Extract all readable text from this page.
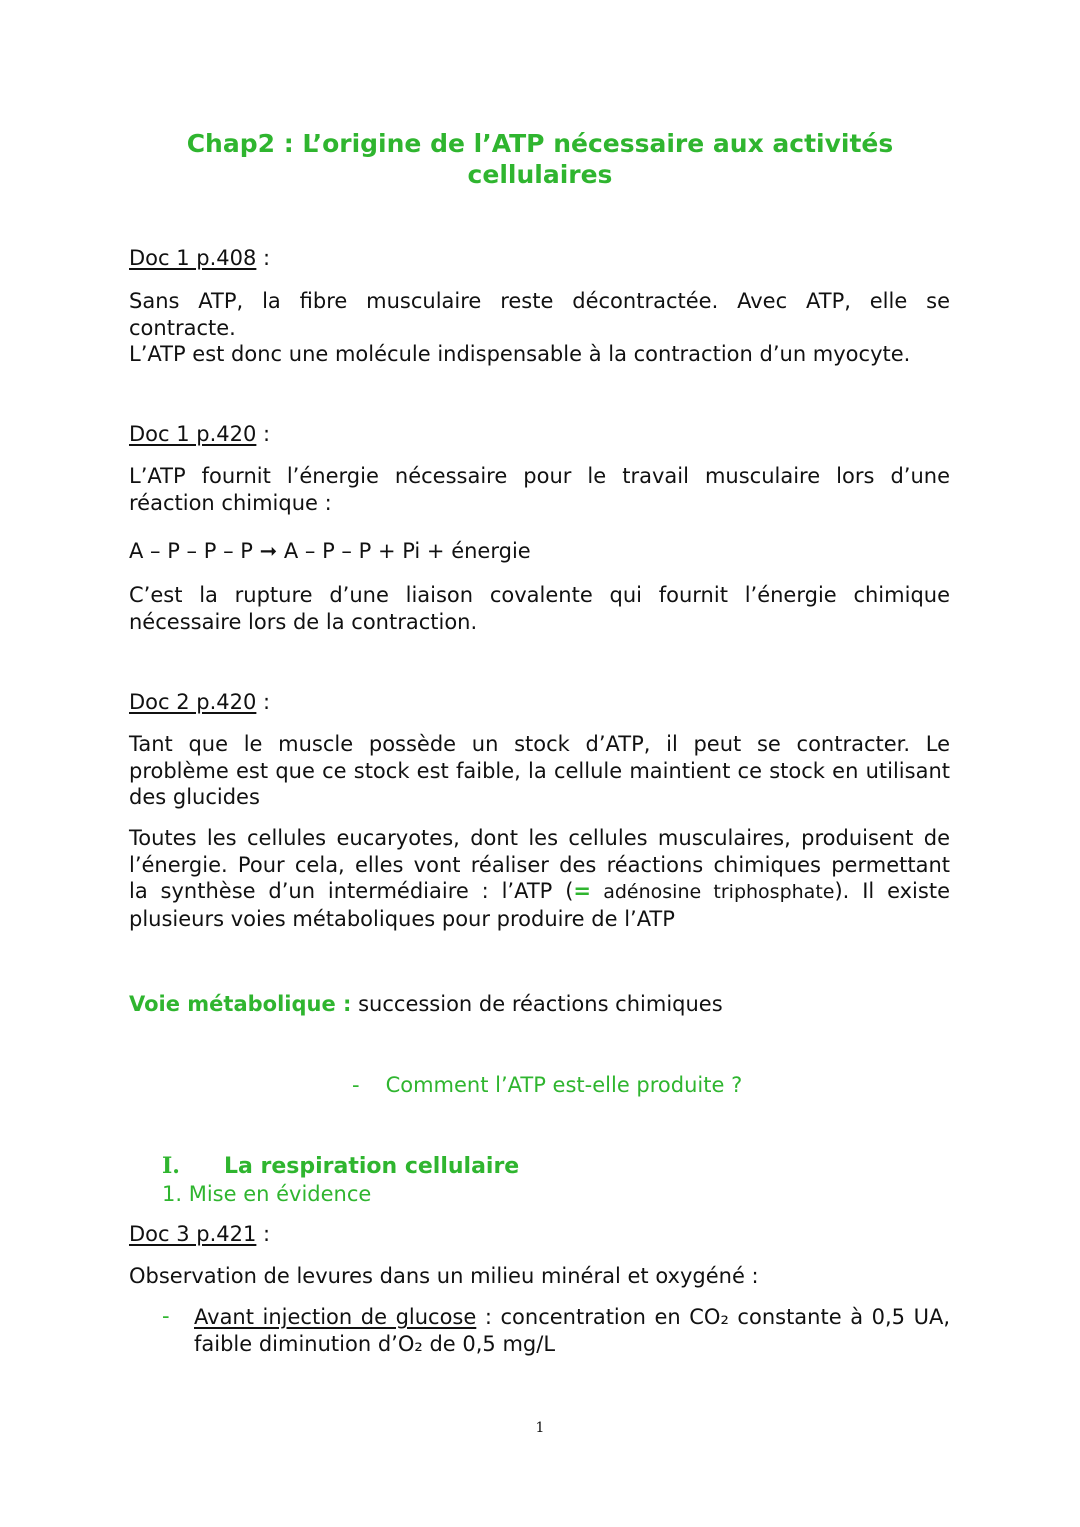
Chap2 : L’origine de l’ATP nécessaire aux activités
cellulaires
Doc 1 p.408 :
Sans ATP, la fibre musculaire reste décontractée. Avec ATP, elle se
contracte.
L’ATP est donc une molécule indispensable à la contraction d’un myocyte.
Doc 1 p.420 :
L’ATP fournit l’énergie nécessaire pour le travail musculaire lors d’une
réaction chimique :
A – P – P – P ➞ A – P – P + Pi + énergie
C’est la rupture d’une liaison covalente qui fournit l’énergie chimique
nécessaire lors de la contraction.
Doc 2 p.420 :
Tant que le muscle possède un stock d’ATP, il peut se contracter. Le
problème est que ce stock est faible, la cellule maintient ce stock en utilisant
des glucides
Toutes les cellules eucaryotes, dont les cellules musculaires, produisent de
l’énergie. Pour cela, elles vont réaliser des réactions chimiques permettant
la synthèse d’un intermédiaire : l’ATP (= adénosine triphosphate). Il existe
plusieurs voies métaboliques pour produire de l’ATP
Voie métabolique : succession de réactions chimiques
- Comment l’ATP est-elle produite ?
I. La respiration cellulaire
1. Mise en évidence
Doc 3 p.421 :
Observation de levures dans un milieu minéral et oxygéné :
- Avant injection de glucose : concentration en CO₂ constante à 0,5 UA,
faible diminution d’O₂ de 0,5 mg/L
1
